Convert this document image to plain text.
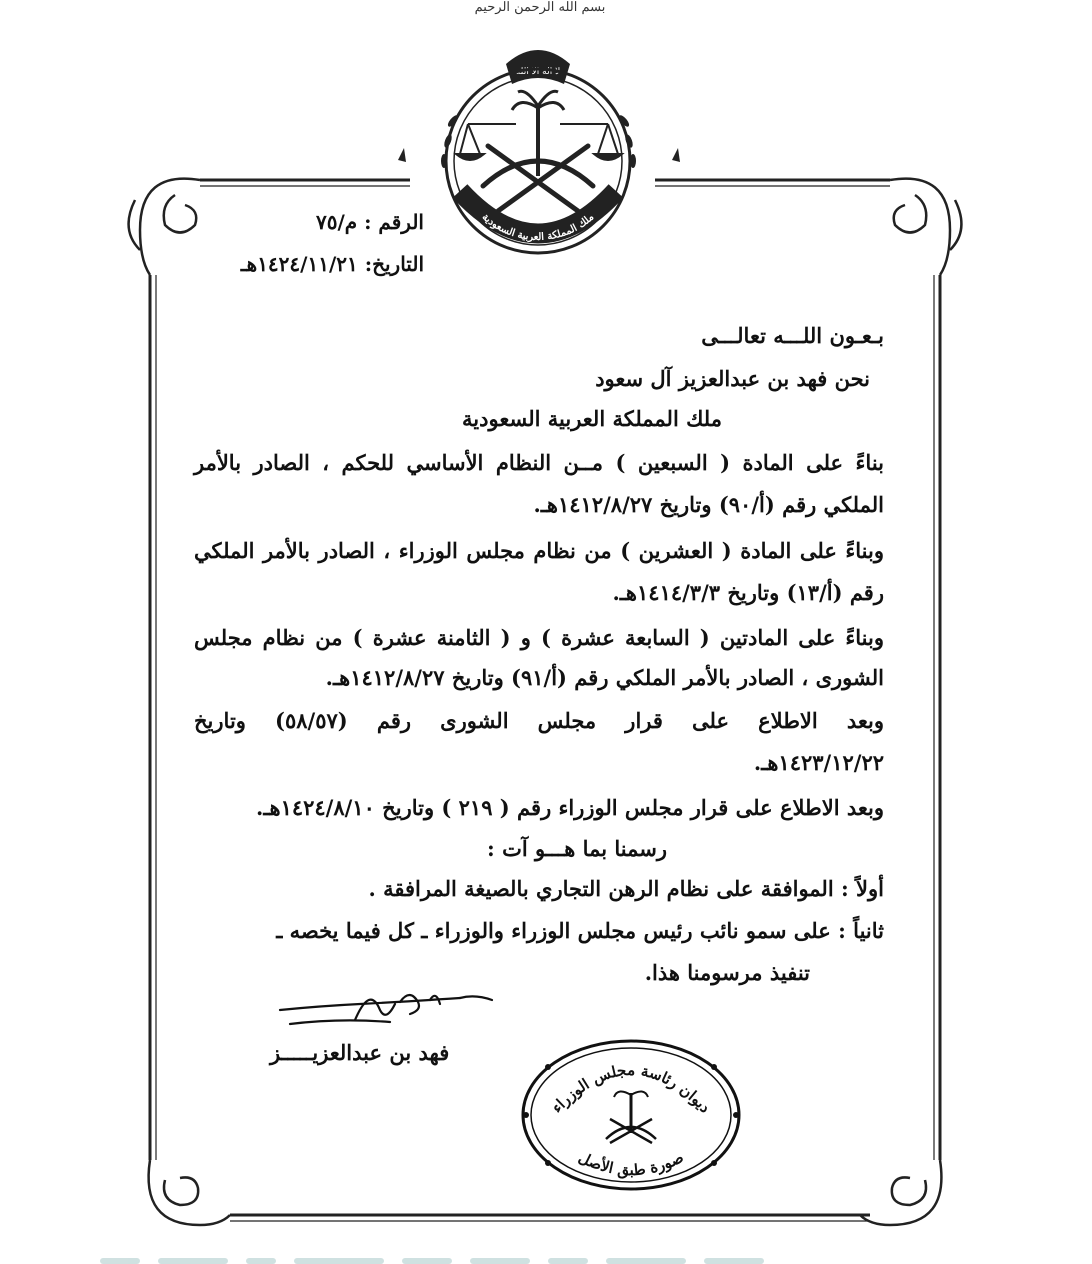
بسم الله الرحمن الرحيم
لا اله الا الله
ملك المملكة العربية السعودية
الرقم : م/٧٥
التاريخ: ١٤٢٤/١١/٢١هـ
بـعـون اللـــه تعالـــى
نحن فهد بن عبدالعزيز آل سعود
ملك المملكة العربية السعودية
بناءً على المادة ( السبعين ) مــن النظام الأساسي للحكم ، الصادر بالأمر
الملكي رقم (أ/٩٠) وتاريخ ١٤١٢/٨/٢٧هـ.
وبناءً على المادة ( العشرين ) من نظام مجلس الوزراء ، الصادر بالأمر الملكي
رقم (أ/١٣) وتاريخ ١٤١٤/٣/٣هـ.
وبناءً على المادتين ( السابعة عشرة ) و ( الثامنة عشرة ) من نظام مجلس
الشورى ، الصادر بالأمر الملكي رقم (أ/٩١) وتاريخ ١٤١٢/٨/٢٧هـ.
وبعد الاطلاع على قرار مجلس الشورى رقم (٥٨/٥٧) وتاريخ
١٤٢٣/١٢/٢٢هـ.
وبعد الاطلاع على قرار مجلس الوزراء رقم ( ٢١٩ ) وتاريخ ١٤٢٤/٨/١٠هـ.
رسمنا بما هـــو آت :
أولاً : الموافقة على نظام الرهن التجاري بالصيغة المرافقة .
ثانياً : على سمو نائب رئيس مجلس الوزراء والوزراء ـ كل فيما يخصه ـ
تنفيذ مرسومنا هذا.
فهد بن عبدالعزيـــــز
ديوان رئاسة مجلس الوزراء
صورة طبق الأصل
